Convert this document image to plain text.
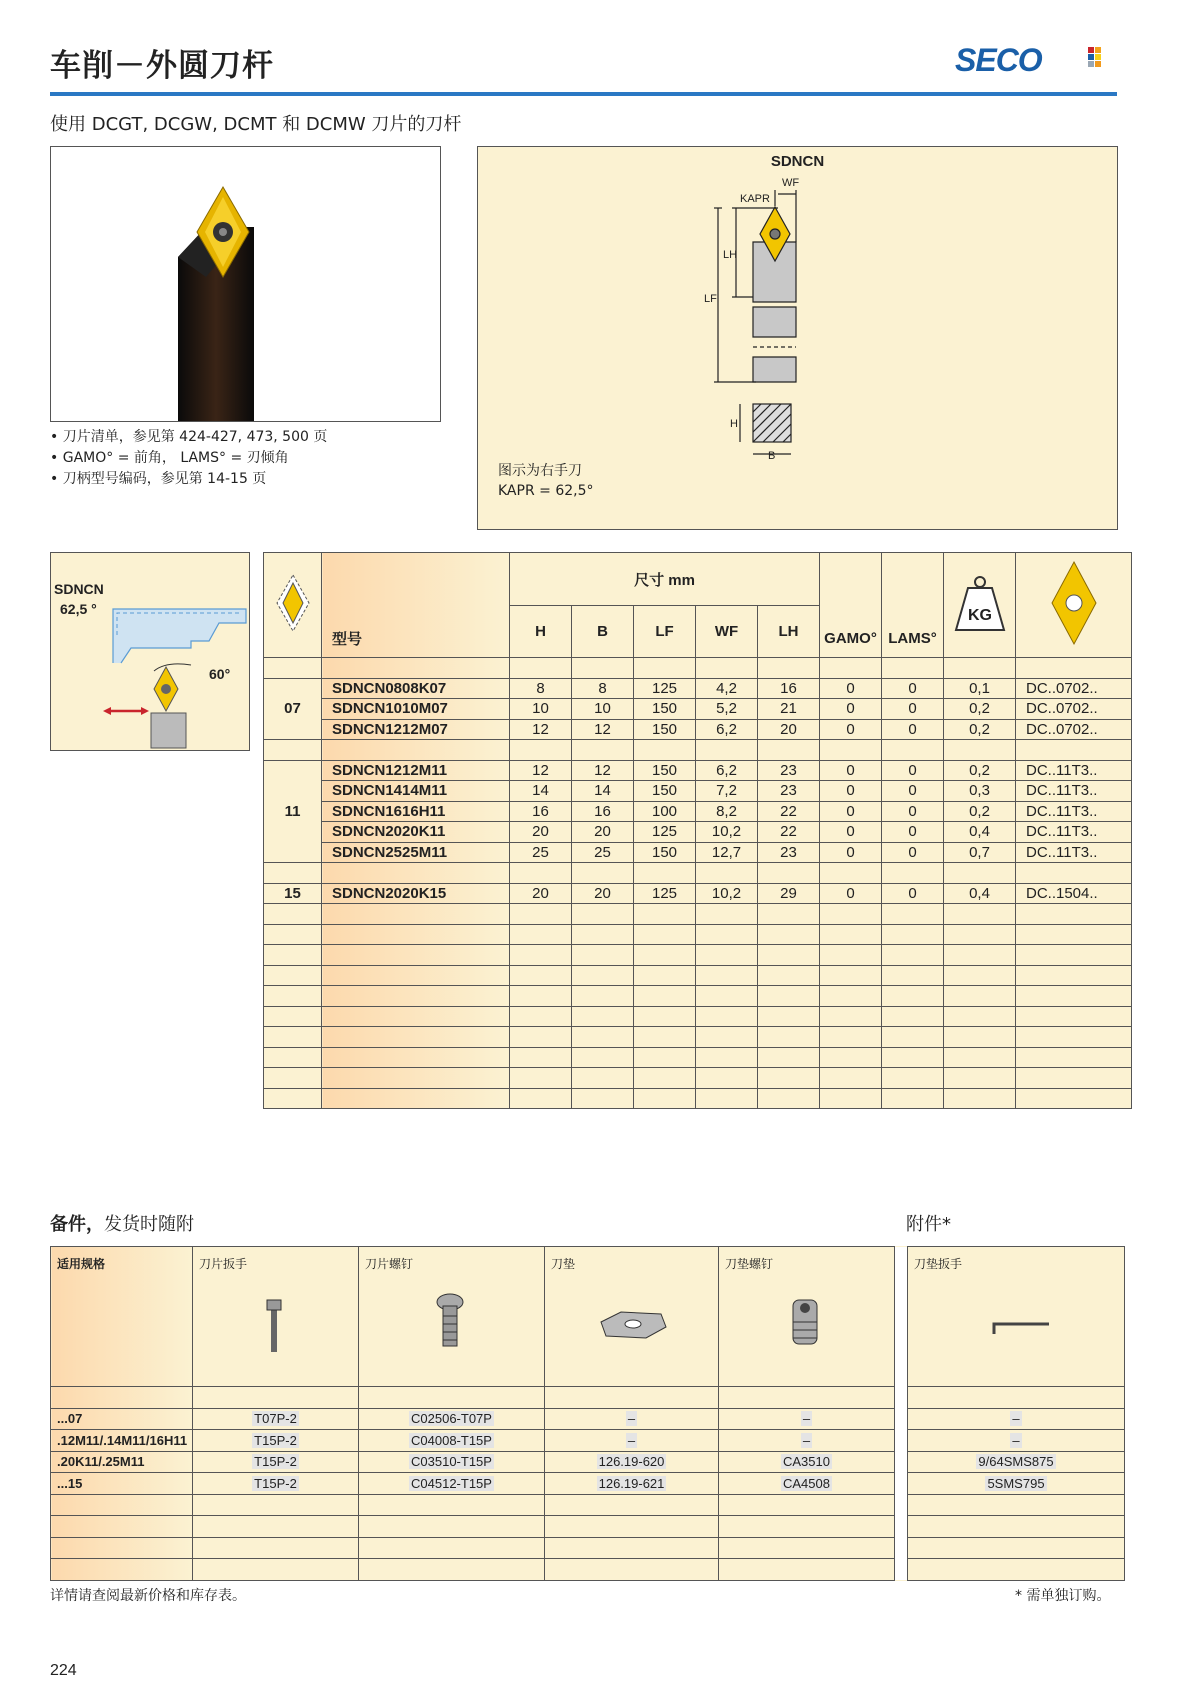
车削－外圆刀杆	SECO
使用 DCGT, DCGW, DCMT 和 DCMW 刀片的刀杆
• 刀片清单，参见第 424-427, 473, 500 页
• GAMO° = 前角， LAMS° = 刃倾角
• 刀柄型号编码，参见第 14-15 页
SDNCN
WF
KAPR
LH
LF
H
B
图示为右手刀
KAPR = 62,5°
SDNCN
62,5 °
60°
	型号	尺寸 mm					GAMO°	LAMS°	KG

		H	B	LF	WF	LH				

07	SDNCN0808K07	8	8	125	4,2	16	0	0	0,1	DC..0702..
	SDNCN1010M07	10	10	150	5,2	21	0	0	0,2	DC..0702..
	SDNCN1212M07	12	12	150	6,2	20	0	0	0,2	DC..0702..

11	SDNCN1212M11	12	12	150	6,2	23	0	0	0,2	DC..11T3..
	SDNCN1414M11	14	14	150	7,2	23	0	0	0,3	DC..11T3..
	SDNCN1616H11	16	16	100	8,2	22	0	0	0,2	DC..11T3..
	SDNCN2020K11	20	20	125	10,2	22	0	0	0,4	DC..11T3..
	SDNCN2525M11	25	25	150	12,7	23	0	0	0,7	DC..11T3..

15	SDNCN2020K15	20	20	125	10,2	29	0	0	0,4	DC..1504..

备件，发货时随附	附件*
适用规格	刀片扳手	刀片螺钉	刀垫	刀垫螺钉		刀垫扳手

...07	T07P-2	C02506-T07P	–	–		–
.12M11/.14M11/16H11	T15P-2	C04008-T15P	–	–		–
.20K11/.25M11	T15P-2	C03510-T15P	126.19-620	CA3510		9/64SMS875
...15	T15P-2	C04512-T15P	126.19-621	CA4508		5SMS795

详情请查阅最新价格和库存表。	* 需单独订购。
224
